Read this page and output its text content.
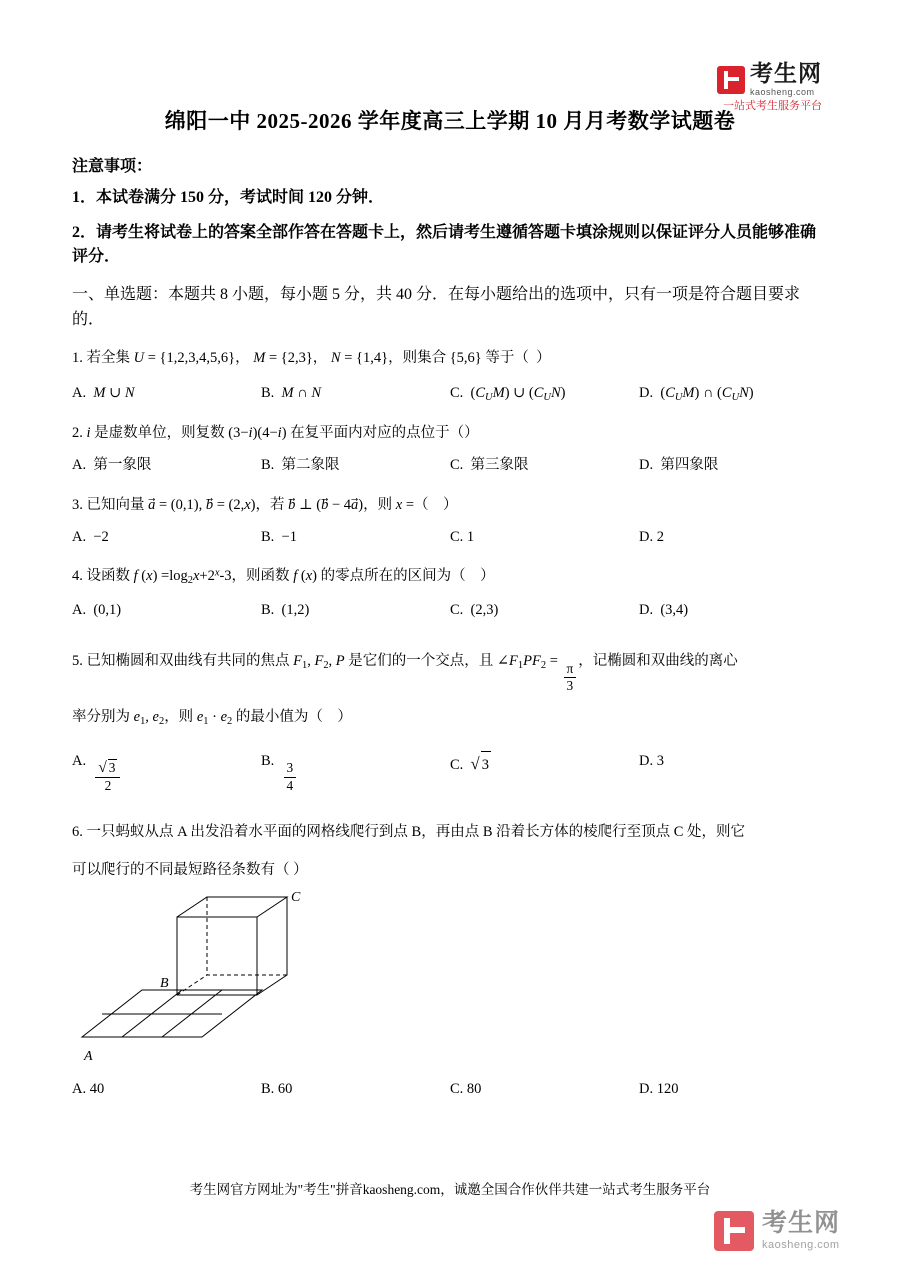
考生网
kaosheng.com
一站式考生服务平台
绵阳一中 2025-2026 学年度高三上学期 10 月月考数学试题卷
注意事项：
1．本试卷满分 150 分，考试时间 120 分钟．
2．请考生将试卷上的答案全部作答在答题卡上，然后请考生遵循答题卡填涂规则以保证评分人员能够准确评分．
一、单选题：本题共 8 小题，每小题 5 分，共 40 分．在每小题给出的选项中，只有一项是符合题目要求的．
1. 若全集 U = {1,2,3,4,5,6}， M = {2,3}， N = {1,4}，则集合 {5,6} 等于（  ）
A.  M ∪ N	B.  M ∩ N	C.  $(C_UM)$ ∪ $(C_UN)$	D.  $(C_UM)$ ∩ $(C_UN)$
2. i 是虚数单位，则复数 (3−i)(4−i) 在复平面内对应的点位于（）
A.  第一象限	B.  第二象限	C.  第三象限	D.  第四象限
3. 已知向量 a⃗ = (0,1), b⃗ = (2,x)，若 b⃗ ⊥ (b⃗ − 4a⃗)，则 x =（    ）
A.  −2	B.  −1	C. 1	D. 2
4. 设函数 f $(x) =\log_2x+2^x-3$，则函数 f (x) 的零点所在的区间为（    ）
A.  (0,1)	B.  (1,2)	C.  (2,3)	D.  (3,4)
5. 已知椭圆和双曲线有共同的焦点 $F_1$, $F_2$, P 是它们的一个交点，且 $\angle F_1PF_2 = \frac{\pi}{3}$ ，记椭圆和双曲线的离心
率分别为 $e_1$, $e_2$，则 $e_1 \cdot e_2$ 的最小值为（    ）
A. $\frac{√ 3}{2}$	B. $\frac{3}{4}$	C.  √ 3	D. 3
6. 一只蚂蚁从点 A 出发沿着水平面的网格线爬行到点 B，再由点 B 沿着长方体的棱爬行至顶点 C 处，则它
可以爬行的不同最短路径条数有（ ）
A
B
C
A. 40	B. 60	C. 80	D. 120
考生网官方网址为"考生"拼音kaosheng.com，诚邀全国合作伙伴共建一站式考生服务平台
考生网
kaosheng.com
